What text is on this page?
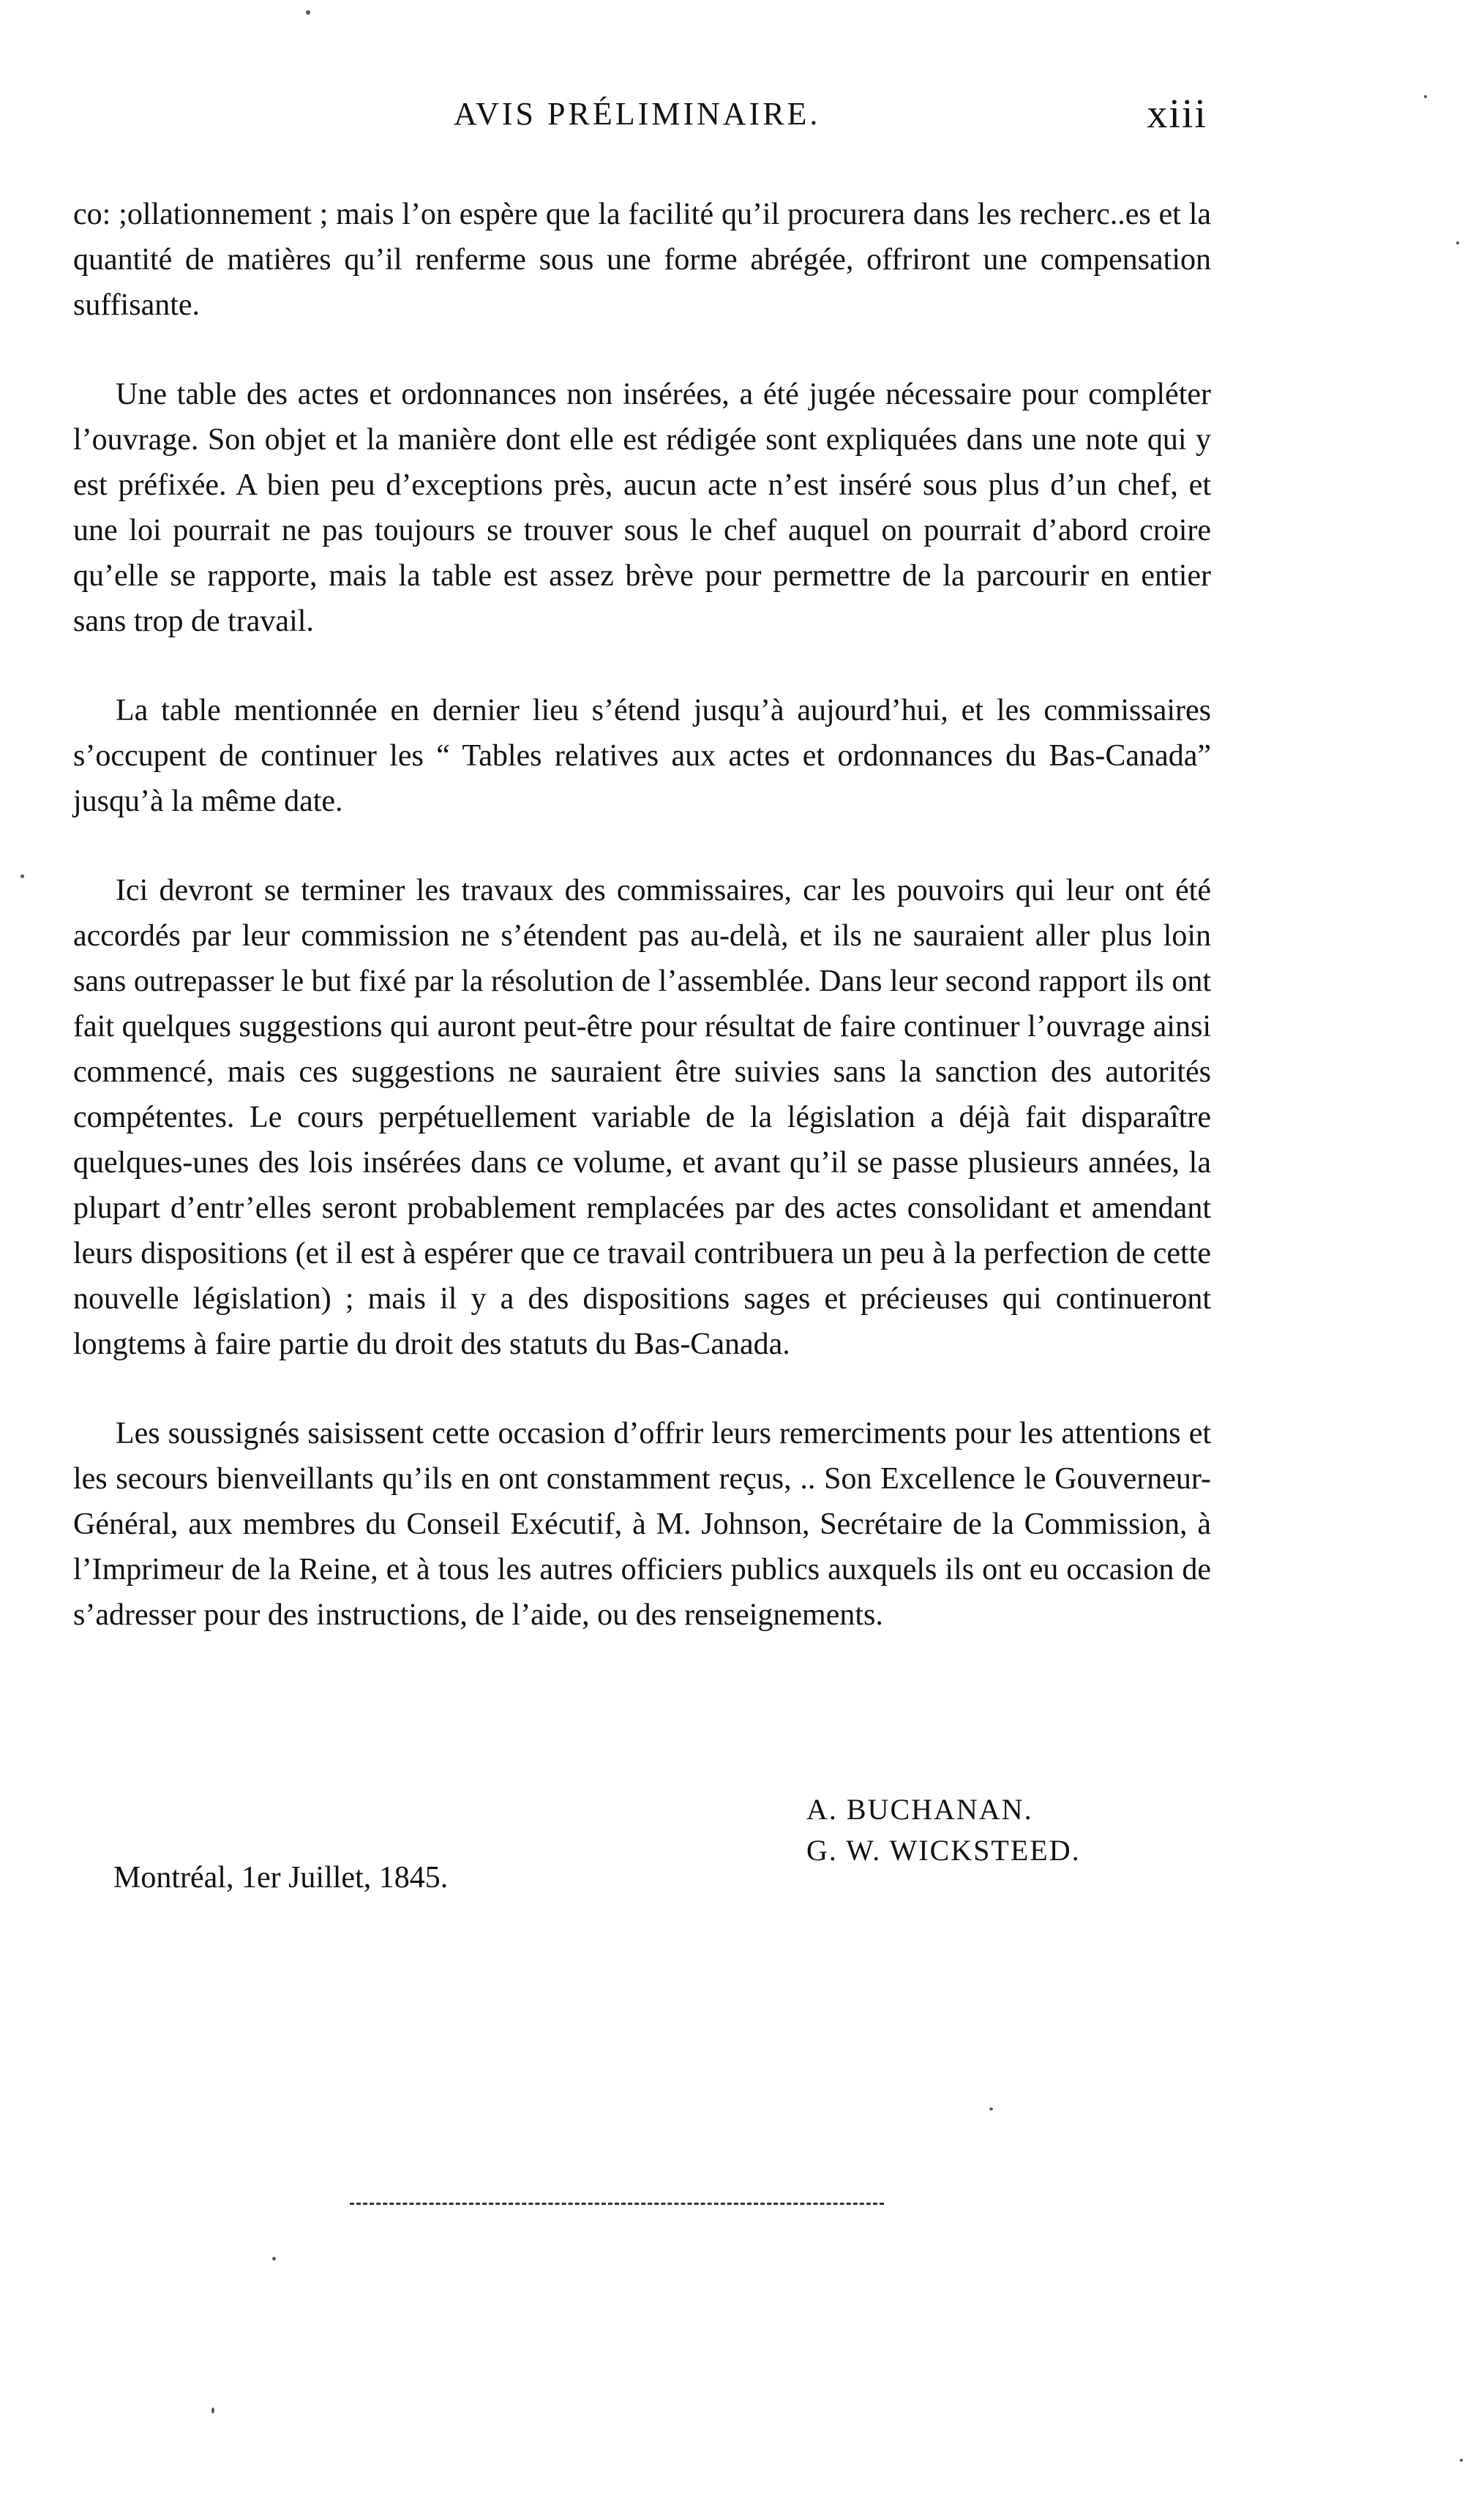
AVIS PRÉLIMINAIRE.	xiii

co: ;ollationnement ; mais l’on espère que la facilité qu’il procurera dans les recherc..es et la quantité de matières qu’il renferme sous une forme abrégée, offriront une compensation suffisante.

Une table des actes et ordonnances non insérées, a été jugée nécessaire pour compléter l’ouvrage. Son objet et la manière dont elle est rédigée sont expliquées dans une note qui y est préfixée. A bien peu d’exceptions près, aucun acte n’est inséré sous plus d’un chef, et une loi pourrait ne pas toujours se trouver sous le chef auquel on pourrait d’abord croire qu’elle se rapporte, mais la table est assez brève pour permettre de la parcourir en entier sans trop de travail.

La table mentionnée en dernier lieu s’étend jusqu’à aujourd’hui, et les commissaires s’occupent de continuer les “ Tables relatives aux actes et ordonnances du Bas-Canada” jusqu’à la même date.

Ici devront se terminer les travaux des commissaires, car les pouvoirs qui leur ont été accordés par leur commission ne s’étendent pas au-delà, et ils ne sauraient aller plus loin sans outrepasser le but fixé par la résolution de l’assemblée. Dans leur second rapport ils ont fait quelques suggestions qui auront peut-être pour résultat de faire continuer l’ouvrage ainsi commencé, mais ces suggestions ne sauraient être suivies sans la sanction des autorités compétentes. Le cours perpétuellement variable de la législation a déjà fait disparaître quelques-unes des lois insérées dans ce volume, et avant qu’il se passe plusieurs années, la plupart d’entr’elles seront probablement remplacées par des actes consolidant et amendant leurs dispositions (et il est à espérer que ce travail contribuera un peu à la perfection de cette nouvelle législation) ; mais il y a des dispositions sages et précieuses qui continueront longtems à faire partie du droit des statuts du Bas-Canada.

Les soussignés saisissent cette occasion d’offrir leurs remerciments pour les attentions et les secours bienveillants qu’ils en ont constamment reçus, .. Son Excellence le Gouverneur-Général, aux membres du Conseil Exécutif, à M. Johnson, Secrétaire de la Commission, à l’Imprimeur de la Reine, et à tous les autres officiers publics auxquels ils ont eu occasion de s’adresser pour des instructions, de l’aide, ou des renseignements.

A. BUCHANAN.
G. W. WICKSTEED.
Montréal, 1er Juillet, 1845.
